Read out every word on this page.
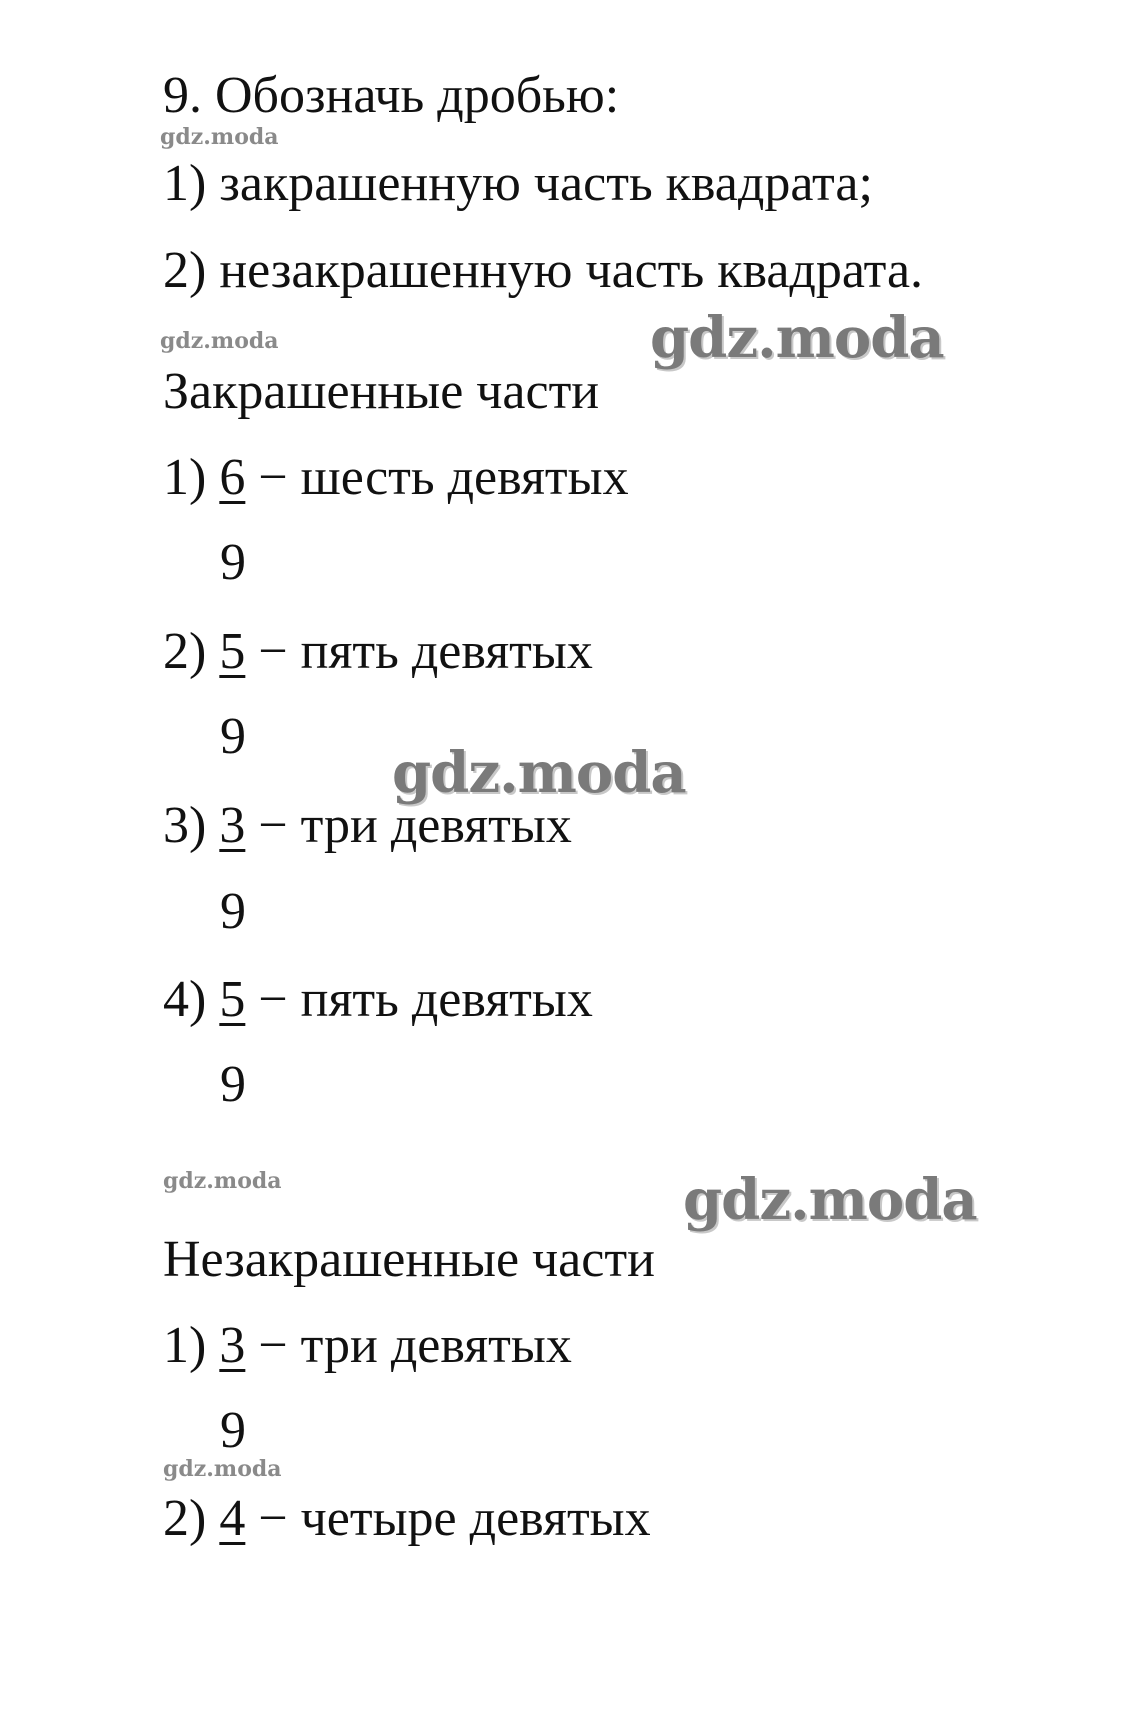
9. Обозначь дробью:
gdz.moda
1) закрашенную часть квадрата;
2) незакрашенную часть квадрата.
gdz.moda	gdz.moda
Закрашенные части
1) 6 − шесть девятых
9
2) 5 − пять девятых
9
gdz.moda
3) 3 − три девятых
9
4) 5 − пять девятых
9
gdz.moda	gdz.moda
Незакрашенные части
1) 3 − три девятых
9
gdz.moda
2) 4 − четыре девятых
